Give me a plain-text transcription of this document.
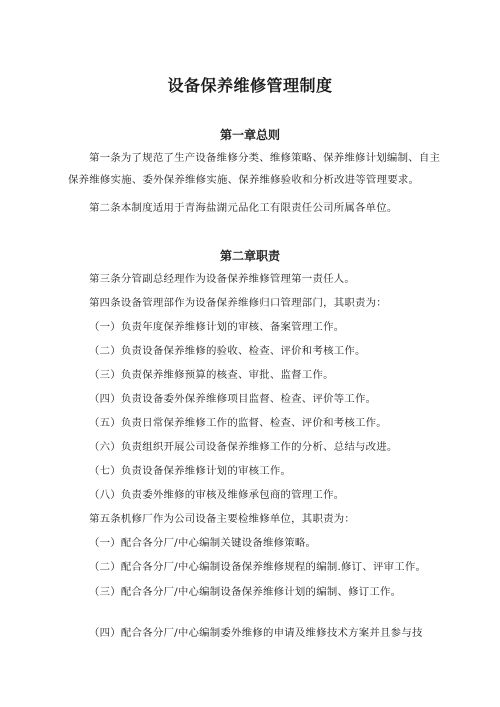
设备保养维修管理制度
第一章总则
第一条为了规范了生产设备维修分类、维修策略、保养维修计划编制、自主保养维修实施、委外保养维修实施、保养维修验收和分析改进等管理要求。
第二条本制度适用于青海盐湖元品化工有限责任公司所属各单位。
第二章职责
第三条分管副总经理作为设备保养维修管理第一责任人。
第四条设备管理部作为设备保养维修归口管理部门，其职责为：
（一）负责年度保养维修计划的审核、备案管理工作。
（二）负责设备保养维修的验收、检查、评价和考核工作。
（三）负责保养维修预算的核查、审批、监督工作。
（四）负责设备委外保养维修项目监督、检查、评价等工作。
（五）负责日常保养维修工作的监督、检查、评价和考核工作。
（六）负责组织开展公司设备保养维修工作的分析、总结与改进。
（七）负责设备保养维修计划的审核工作。
（八）负责委外维修的审核及维修承包商的管理工作。
第五条机修厂作为公司设备主要检维修单位，其职责为：
（一）配合各分厂/中心编制关键设备维修策略。
（二）配合各分厂/中心编制设备保养维修规程的编制.修订、评审工作。
（三）配合各分厂/中心编制设备保养维修计划的编制、修订工作。
（四）配合各分厂/中心编制委外维修的申请及维修技术方案并且参与技
